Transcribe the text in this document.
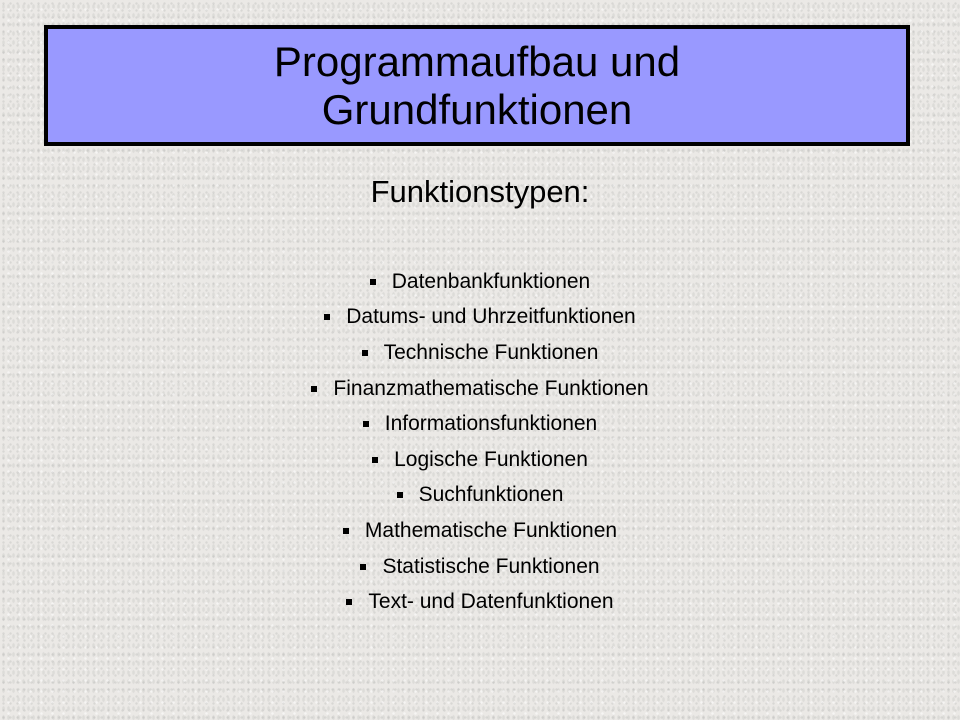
Programmaufbau und Grundfunktionen
Funktionstypen:
Datenbankfunktionen
Datums- und Uhrzeitfunktionen
Technische Funktionen
Finanzmathematische Funktionen
Informationsfunktionen
Logische Funktionen
Suchfunktionen
Mathematische Funktionen
Statistische Funktionen
Text- und Datenfunktionen
